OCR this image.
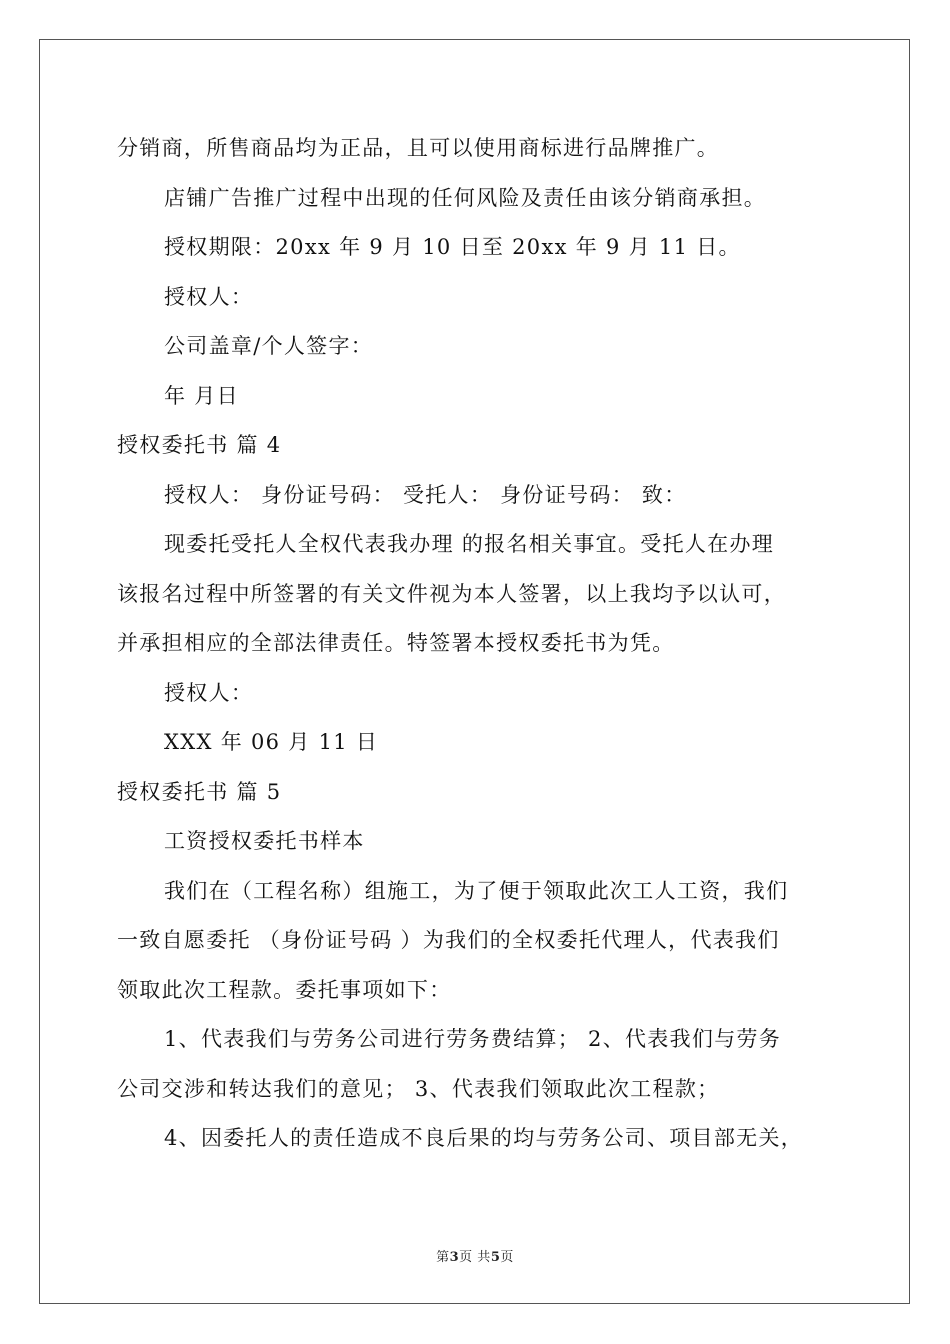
分销商，所售商品均为正品，且可以使用商标进行品牌推广。

店铺广告推广过程中出现的任何风险及责任由该分销商承担。

授权期限：20xx 年 9 月 10 日至 20xx 年 9 月 11 日。

授权人：

公司盖章/个人签字：

年 月日

授权委托书 篇 4

授权人： 身份证号码： 受托人： 身份证号码： 致：

现委托受托人全权代表我办理 的报名相关事宜。受托人在办理

该报名过程中所签署的有关文件视为本人签署，以上我均予以认可，

并承担相应的全部法律责任。特签署本授权委托书为凭。

授权人：

XXX 年 06 月 11 日

授权委托书 篇 5

工资授权委托书样本

我们在（工程名称）组施工，为了便于领取此次工人工资，我们

一致自愿委托 （身份证号码 ）为我们的全权委托代理人，代表我们

领取此次工程款。委托事项如下：

1、代表我们与劳务公司进行劳务费结算； 2、代表我们与劳务

公司交涉和转达我们的意见； 3、代表我们领取此次工程款；

4、因委托人的责任造成不良后果的均与劳务公司、项目部无关，

第3页 共5页
